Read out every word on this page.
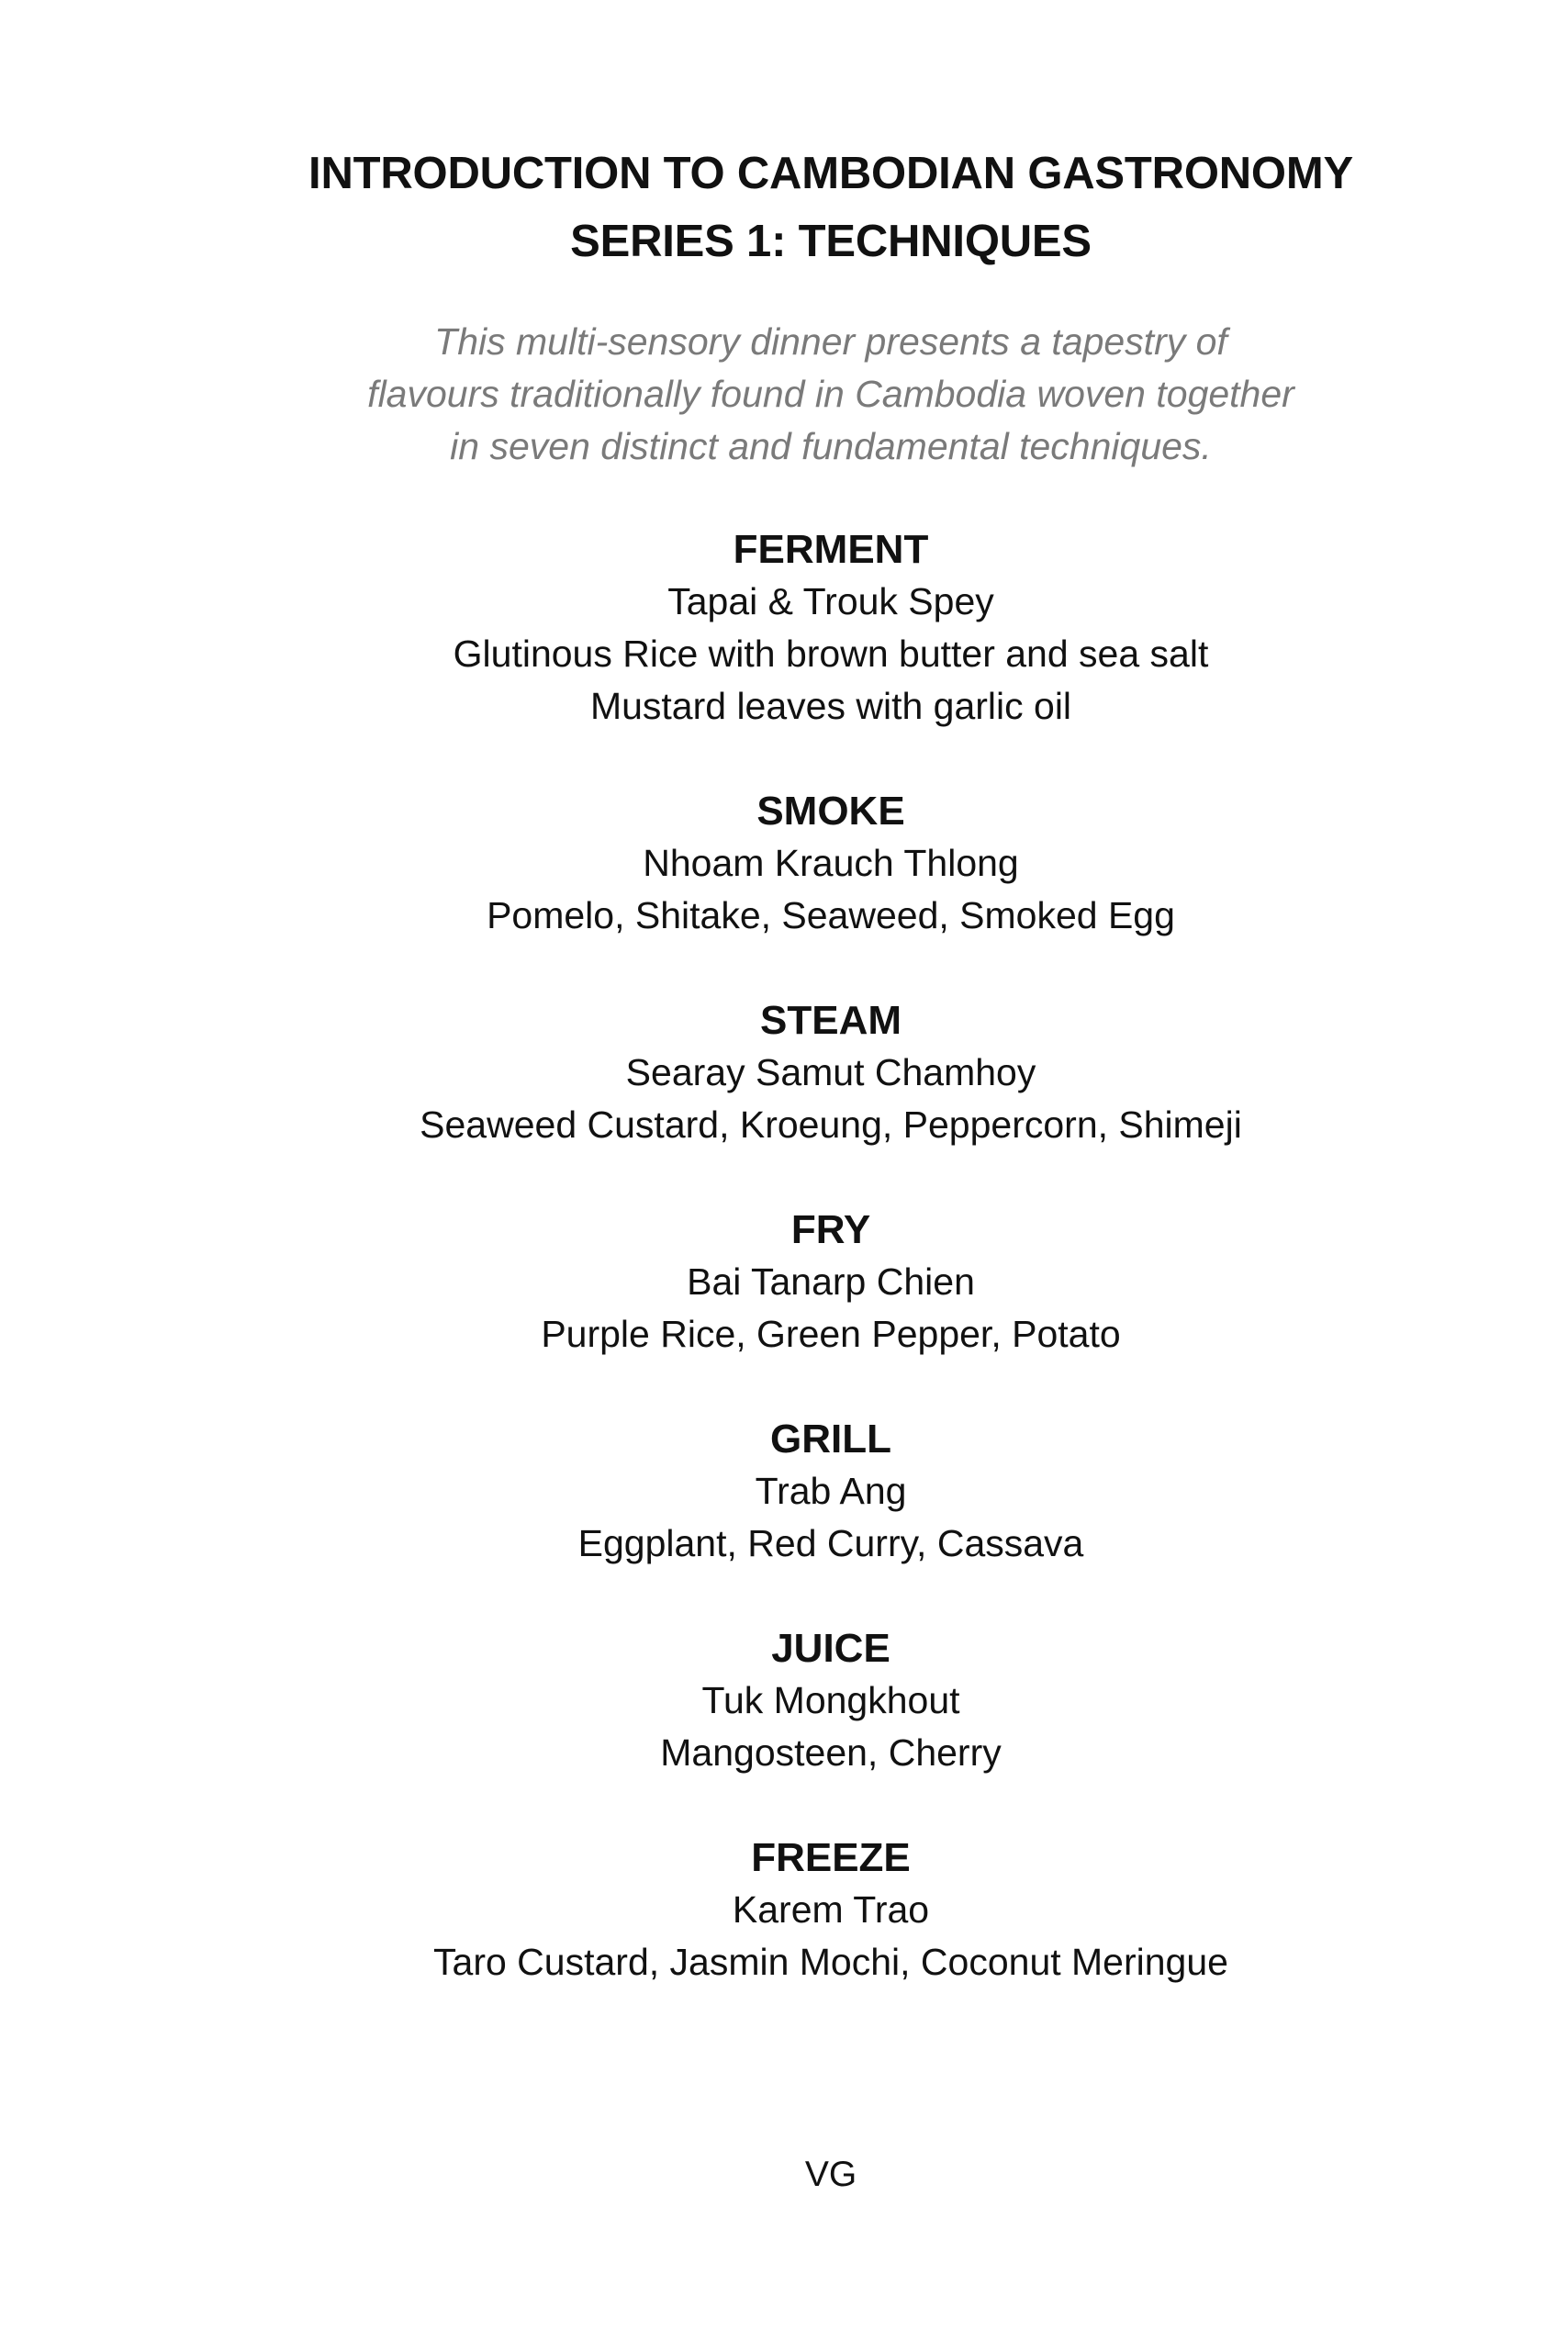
INTRODUCTION TO CAMBODIAN GASTRONOMY
SERIES 1: TECHNIQUES

This multi-sensory dinner presents a tapestry of
flavours traditionally found in Cambodia woven together
in seven distinct and fundamental techniques.

FERMENT
Tapai & Trouk Spey
Glutinous Rice with brown butter and sea salt
Mustard leaves with garlic oil
SMOKE
Nhoam Krauch Thlong
Pomelo, Shitake, Seaweed, Smoked Egg
STEAM
Searay Samut Chamhoy
Seaweed Custard, Kroeung, Peppercorn, Shimeji
FRY
Bai Tanarp Chien
Purple Rice, Green Pepper, Potato
GRILL
Trab Ang
Eggplant, Red Curry, Cassava
JUICE
Tuk Mongkhout
Mangosteen, Cherry
FREEZE
Karem Trao
Taro Custard, Jasmin Mochi, Coconut Meringue
VG
